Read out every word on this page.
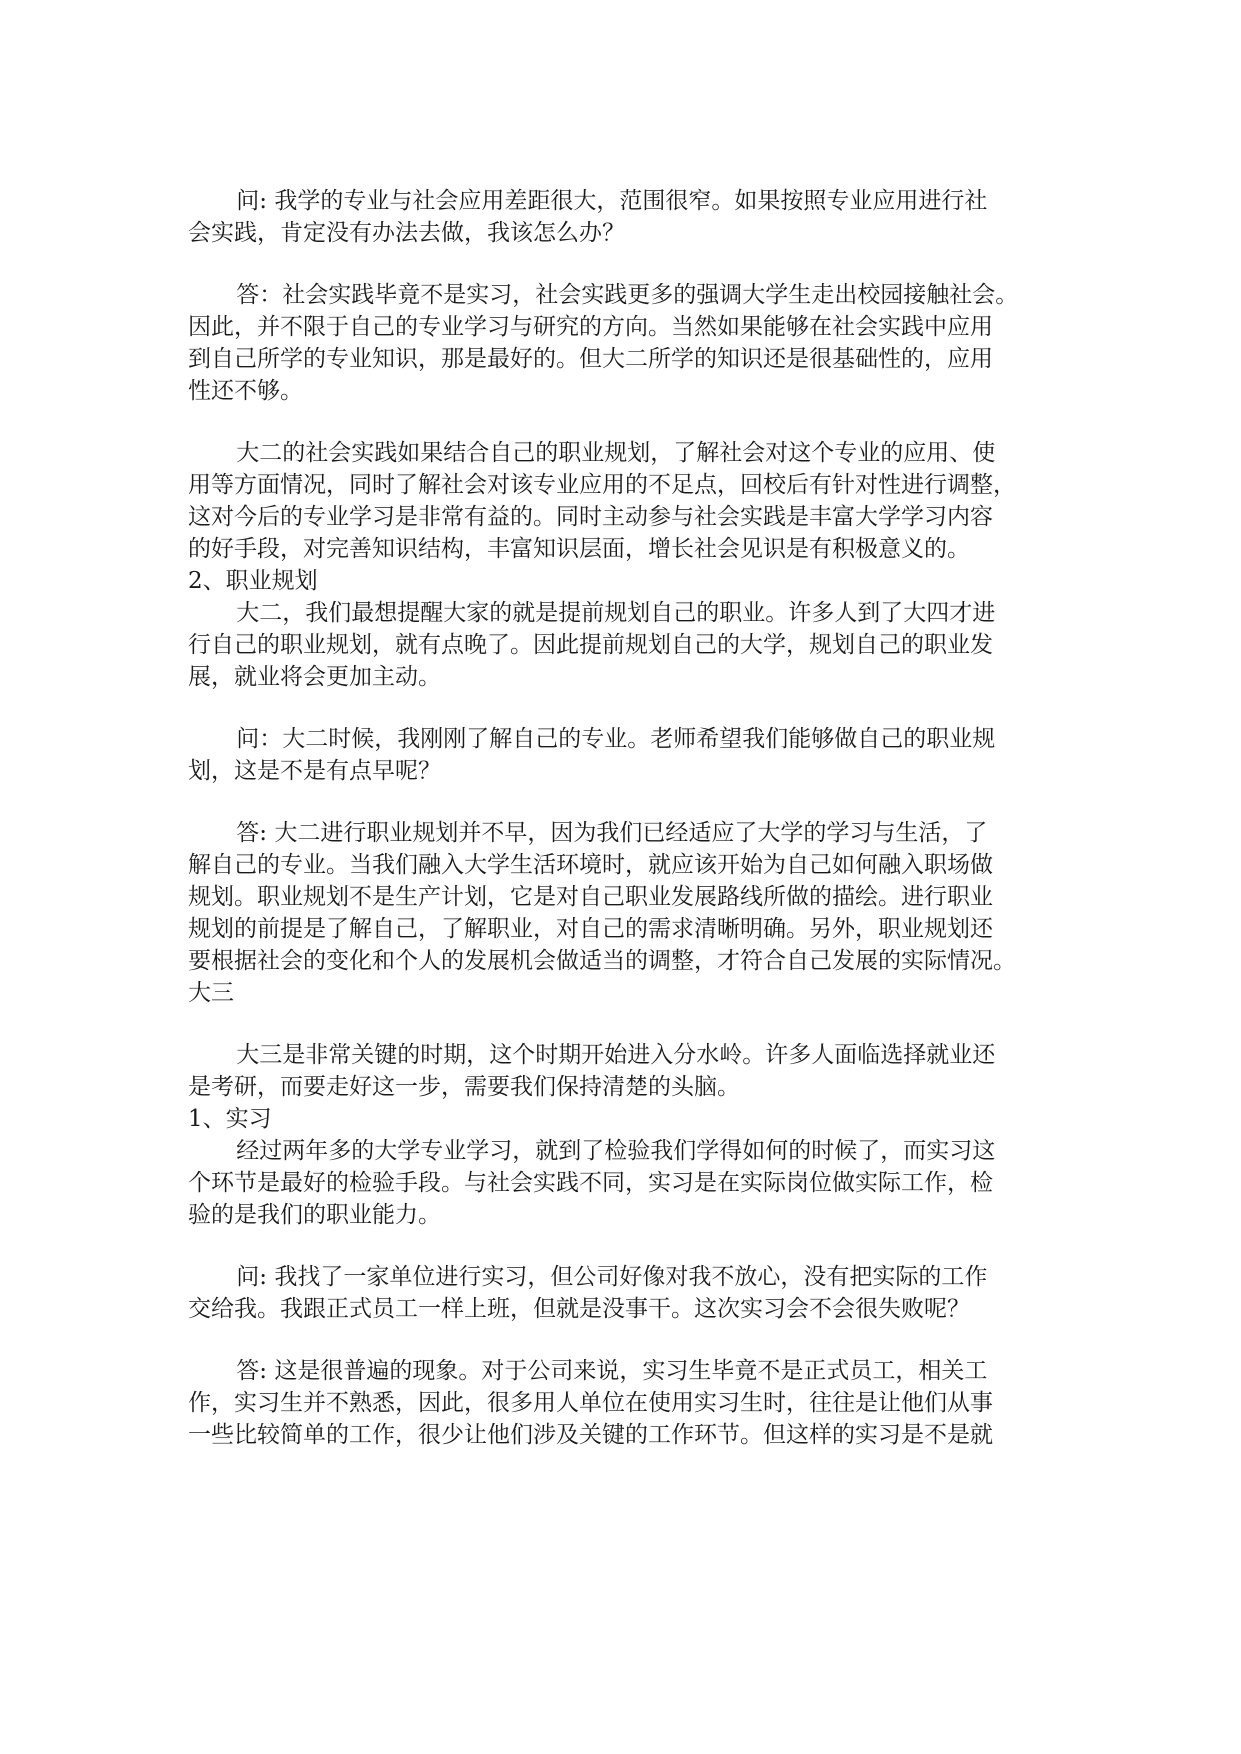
问: 我学的专业与社会应用差距很大，范围很窄。如果按照专业应用进行社
会实践，肯定没有办法去做，我该怎么办？

答：社会实践毕竟不是实习，社会实践更多的强调大学生走出校园接触社会。
因此，并不限于自己的专业学习与研究的方向。当然如果能够在社会实践中应用
到自己所学的专业知识，那是最好的。但大二所学的知识还是很基础性的，应用
性还不够。

大二的社会实践如果结合自己的职业规划，了解社会对这个专业的应用、使
用等方面情况，同时了解社会对该专业应用的不足点，回校后有针对性进行调整，
这对今后的专业学习是非常有益的。同时主动参与社会实践是丰富大学学习内容
的好手段，对完善知识结构，丰富知识层面，增长社会见识是有积极意义的。

2、职业规划

大二，我们最想提醒大家的就是提前规划自己的职业。许多人到了大四才进
行自己的职业规划，就有点晚了。因此提前规划自己的大学，规划自己的职业发
展，就业将会更加主动。

问：大二时候，我刚刚了解自己的专业。老师希望我们能够做自己的职业规
划，这是不是有点早呢？

答: 大二进行职业规划并不早，因为我们已经适应了大学的学习与生活，了
解自己的专业。当我们融入大学生活环境时，就应该开始为自己如何融入职场做
规划。职业规划不是生产计划，它是对自己职业发展路线所做的描绘。进行职业
规划的前提是了解自己，了解职业，对自己的需求清晰明确。另外，职业规划还
要根据社会的变化和个人的发展机会做适当的调整，才符合自己发展的实际情况。

大三

大三是非常关键的时期，这个时期开始进入分水岭。许多人面临选择就业还
是考研，而要走好这一步，需要我们保持清楚的头脑。

1、实习

经过两年多的大学专业学习，就到了检验我们学得如何的时候了，而实习这
个环节是最好的检验手段。与社会实践不同，实习是在实际岗位做实际工作，检
验的是我们的职业能力。

问: 我找了一家单位进行实习，但公司好像对我不放心，没有把实际的工作
交给我。我跟正式员工一样上班，但就是没事干。这次实习会不会很失败呢？

答: 这是很普遍的现象。对于公司来说，实习生毕竟不是正式员工，相关工
作，实习生并不熟悉，因此，很多用人单位在使用实习生时，往往是让他们从事
一些比较简单的工作，很少让他们涉及关键的工作环节。但这样的实习是不是就
